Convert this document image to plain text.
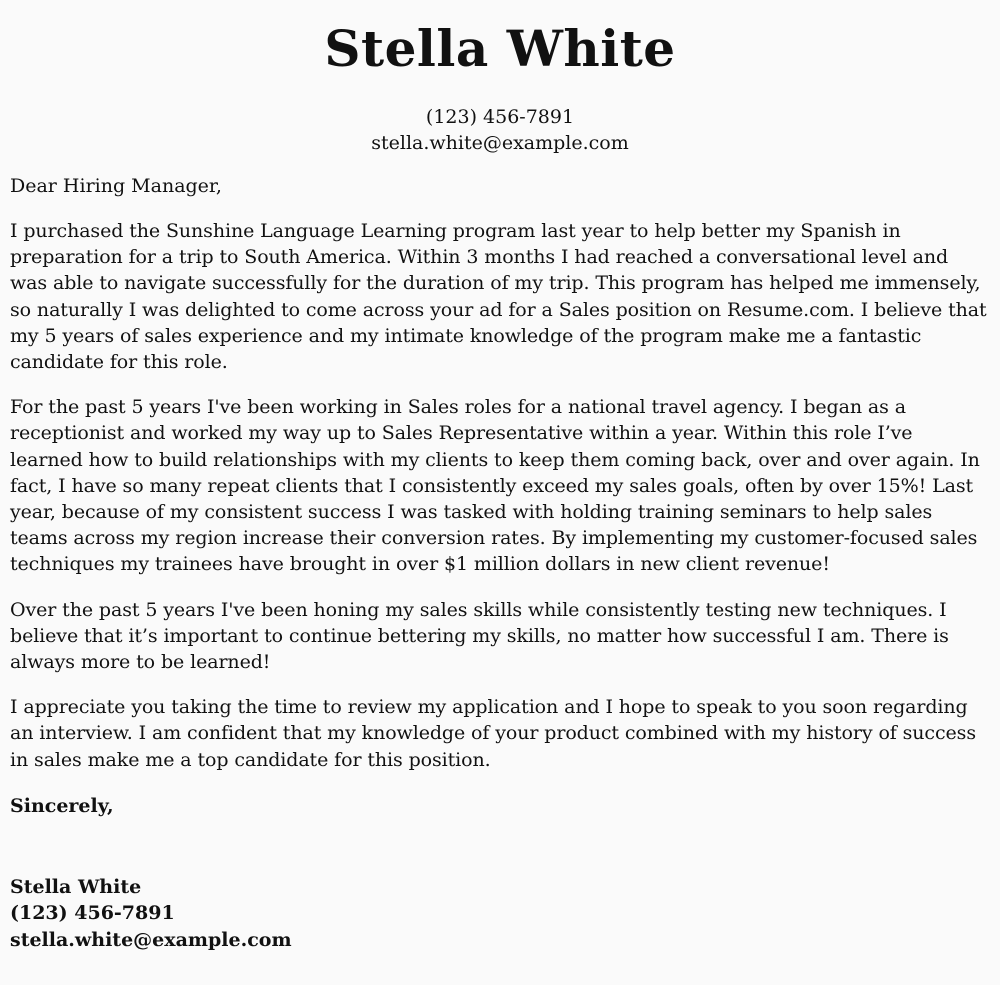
Stella White
(123) 456-7891
stella.white@example.com
Dear Hiring Manager,

I purchased the Sunshine Language Learning program last year to help better my Spanish in preparation for a trip to South America. Within 3 months I had reached a conversational level and was able to navigate successfully for the duration of my trip. This program has helped me immensely, so naturally I was delighted to come across your ad for a Sales position on Resume.com. I believe that my 5 years of sales experience and my intimate knowledge of the program make me a fantastic candidate for this role.

For the past 5 years I've been working in Sales roles for a national travel agency. I began as a receptionist and worked my way up to Sales Representative within a year. Within this role I’ve learned how to build relationships with my clients to keep them coming back, over and over again. In fact, I have so many repeat clients that I consistently exceed my sales goals, often by over 15%! Last year, because of my consistent success I was tasked with holding training seminars to help sales teams across my region increase their conversion rates. By implementing my customer-focused sales techniques my trainees have brought in over $1 million dollars in new client revenue!

Over the past 5 years I've been honing my sales skills while consistently testing new techniques. I believe that it’s important to continue bettering my skills, no matter how successful I am. There is always more to be learned!

I appreciate you taking the time to review my application and I hope to speak to you soon regarding an interview. I am confident that my knowledge of your product combined with my history of success in sales make me a top candidate for this position.

Sincerely,
Stella White
(123) 456-7891
stella.white@example.com
